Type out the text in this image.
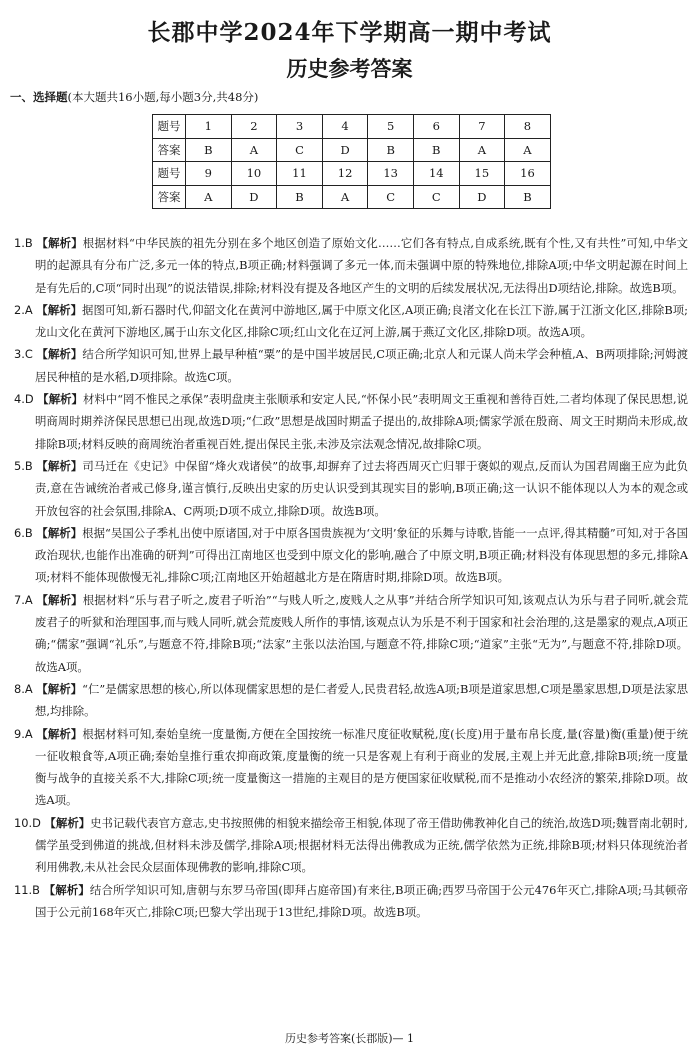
长郡中学2024年下学期高一期中考试
历史参考答案
一、选择题(本大题共16小题,每小题3分,共48分)
题号	1	2	3	4	5	6	7	8
答案	B	A	C	D	B	B	A	A
题号	9	10	11	12	13	14	15	16
答案	A	D	B	A	C	C	D	B
1.B 【解析】根据材料“中华民族的祖先分别在多个地区创造了原始文化……它们各有特点,自成系统,既有个性,又有共性”可知,中华文明的起源具有分布广泛,多元一体的特点,B项正确;材料强调了多元一体,而未强调中原的特殊地位,排除A项;中华文明起源在时间上是有先后的,C项“同时出现”的说法错误,排除;材料没有提及各地区产生的文明的后续发展状况,无法得出D项结论,排除。故选B项。
2.A 【解析】据图可知,新石器时代,仰韶文化在黄河中游地区,属于中原文化区,A项正确;良渚文化在长江下游,属于江浙文化区,排除B项;龙山文化在黄河下游地区,属于山东文化区,排除C项;红山文化在辽河上游,属于燕辽文化区,排除D项。故选A项。
3.C 【解析】结合所学知识可知,世界上最早种植“粟”的是中国半坡居民,C项正确;北京人和元谋人尚未学会种植,A、B两项排除;河姆渡居民种植的是水稻,D项排除。故选C项。
4.D 【解析】材料中“罔不惟民之承保”表明盘庚主张顺承和安定人民,“怀保小民”表明周文王重视和善待百姓,二者均体现了保民思想,说明商周时期养济保民思想已出现,故选D项;“仁政”思想是战国时期孟子提出的,故排除A项;儒家学派在殷商、周文王时期尚未形成,故排除B项;材料反映的商周统治者重视百姓,提出保民主张,未涉及宗法观念情况,故排除C项。
5.B 【解析】司马迁在《史记》中保留“烽火戏诸侯”的故事,却摒弃了过去将西周灭亡归罪于褒姒的观点,反而认为国君周幽王应为此负责,意在告诫统治者戒己修身,谨言慎行,反映出史家的历史认识受到其现实目的影响,B项正确;这一认识不能体现以人为本的观念或开放包容的社会氛围,排除A、C两项;D项不成立,排除D项。故选B项。
6.B 【解析】根据“吴国公子季札出使中原诸国,对于中原各国贵族视为‘文明’象征的乐舞与诗歌,皆能一一点评,得其精髓”可知,对于各国政治现状,也能作出准确的研判”可得出江南地区也受到中原文化的影响,融合了中原文明,B项正确;材料没有体现思想的多元,排除A项;材料不能体现傲慢无礼,排除C项;江南地区开始超越北方是在隋唐时期,排除D项。故选B项。
7.A 【解析】根据材料“乐与君子听之,废君子听治”“与贱人听之,废贱人之从事”并结合所学知识可知,该观点认为乐与君子同听,就会荒废君子的听狱和治理国事,而与贱人同听,就会荒废贱人所作的事情,该观点认为乐是不利于国家和社会治理的,这是墨家的观点,A项正确;“儒家”强调“礼乐”,与题意不符,排除B项;“法家”主张以法治国,与题意不符,排除C项;“道家”主张“无为”,与题意不符,排除D项。故选A项。
8.A 【解析】“仁”是儒家思想的核心,所以体现儒家思想的是仁者爱人,民贵君轻,故选A项;B项是道家思想,C项是墨家思想,D项是法家思想,均排除。
9.A 【解析】根据材料可知,秦始皇统一度量衡,方便在全国按统一标准尺度征收赋税,度(长度)用于量布帛长度,量(容量)衡(重量)便于统一征收粮食等,A项正确;秦始皇推行重农抑商政策,度量衡的统一只是客观上有利于商业的发展,主观上并无此意,排除B项;统一度量衡与战争的直接关系不大,排除C项;统一度量衡这一措施的主观目的是方便国家征收赋税,而不是推动小农经济的繁荣,排除D项。故选A项。
10.D 【解析】史书记载代表官方意志,史书按照佛的相貌来描绘帝王相貌,体现了帝王借助佛教神化自己的统治,故选D项;魏晋南北朝时,儒学虽受到佛道的挑战,但材料未涉及儒学,排除A项;根据材料无法得出佛教成为正统,儒学依然为正统,排除B项;材料只体现统治者利用佛教,未从社会民众层面体现佛教的影响,排除C项。
11.B 【解析】结合所学知识可知,唐朝与东罗马帝国(即拜占庭帝国)有来往,B项正确;西罗马帝国于公元476年灭亡,排除A项;马其顿帝国于公元前168年灭亡,排除C项;巴黎大学出现于13世纪,排除D项。故选B项。
历史参考答案(长郡版)— 1
